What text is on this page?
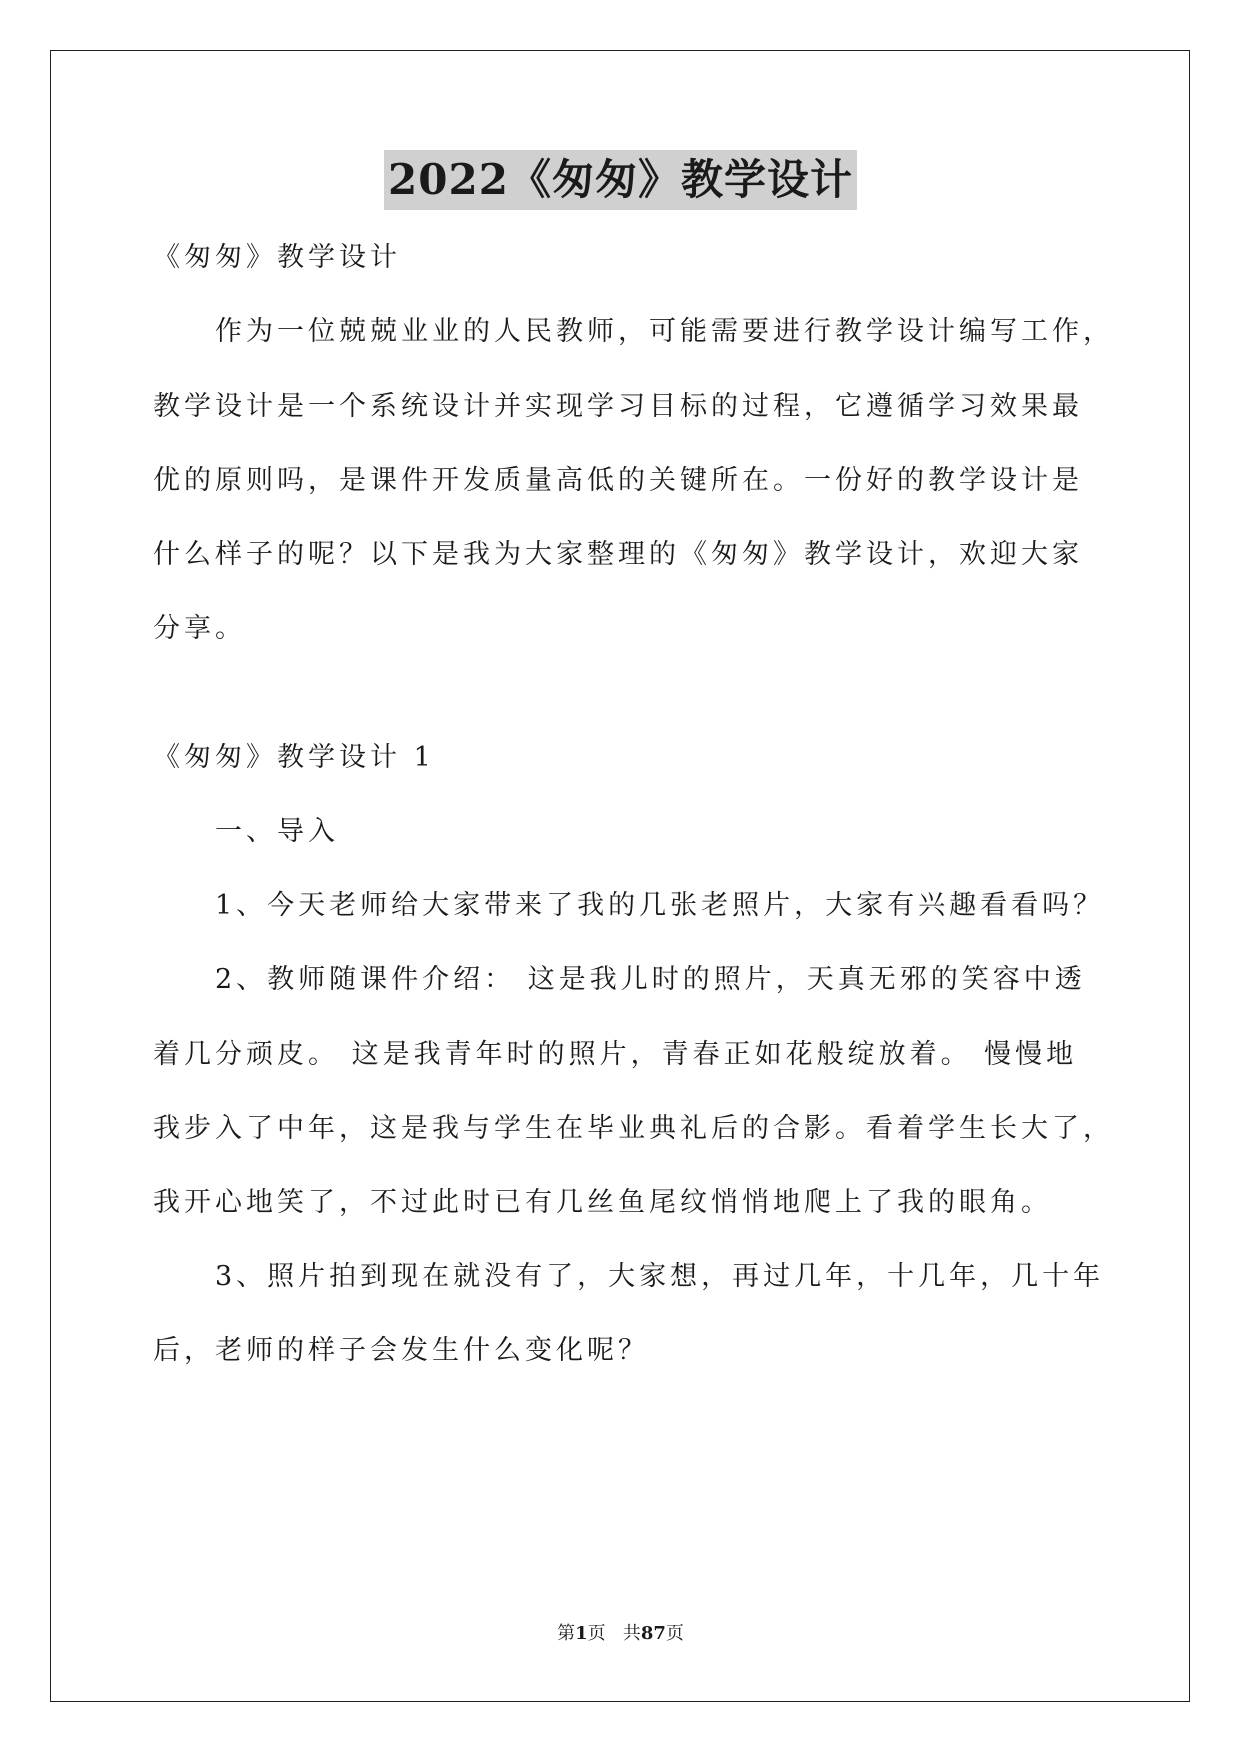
2022《匆匆》教学设计
《匆匆》教学设计
作为一位兢兢业业的人民教师，可能需要进行教学设计编写工作，
教学设计是一个系统设计并实现学习目标的过程，它遵循学习效果最
优的原则吗，是课件开发质量高低的关键所在。一份好的教学设计是
什么样子的呢？以下是我为大家整理的《匆匆》教学设计，欢迎大家
分享。
《匆匆》教学设计 1
一、导入
1、今天老师给大家带来了我的几张老照片，大家有兴趣看看吗？
2、教师随课件介绍： 这是我儿时的照片，天真无邪的笑容中透
着几分顽皮。 这是我青年时的照片，青春正如花般绽放着。 慢慢地
我步入了中年，这是我与学生在毕业典礼后的合影。看着学生长大了，
我开心地笑了，不过此时已有几丝鱼尾纹悄悄地爬上了我的眼角。
3、照片拍到现在就没有了，大家想，再过几年，十几年，几十年
后，老师的样子会发生什么变化呢？
第1页 共87页
